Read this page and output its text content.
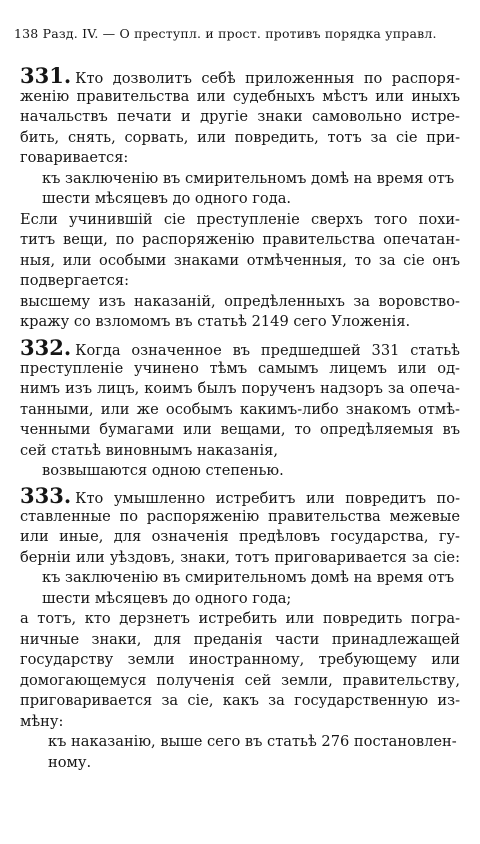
138 Разд. IV. — О преступл. и прост. противъ порядка управл.
331. Кто дозволитъ себѣ приложенныя по распоря-
женію правительства или судебныхъ мѣстъ или иныхъ
начальствъ печати и другіе знаки самовольно истре-
бить, снять, сорвать, или повредить, тотъ за сіе при-
говаривается:
къ заключенію въ смирительномъ домѣ на время отъ
шести мѣсяцевъ до одного года.
Если учинившій сіе преступленіе сверхъ того похи-
титъ вещи, по распоряженію правительства опечатан-
ныя, или особыми знаками отмѣченныя, то за сіе онъ
подвергается:
высшему изъ наказаній, опредѣленныхъ за воровство-
кражу со взломомъ въ статьѣ 2149 сего Уложенія.
332. Когда означенное въ предшедшей 331 статьѣ
преступленіе учинено тѣмъ самымъ лицемъ или од-
нимъ изъ лицъ, коимъ былъ порученъ надзоръ за опеча-
танными, или же особымъ какимъ-либо знакомъ отмѣ-
ченными бумагами или вещами, то опредѣляемыя въ
сей статьѣ виновнымъ наказанія,
возвышаются одною степенью.
333. Кто умышленно истребитъ или повредитъ по-
ставленные по распоряженію правительства межевые
или иные, для означенія предѣловъ государства, гу-
берніи или уѣздовъ, знаки, тотъ приговаривается за сіе:
къ заключенію въ смирительномъ домѣ на время отъ
шести мѣсяцевъ до одного года;
а тотъ, кто дерзнетъ истребить или повредить погра-
ничные знаки, для преданія части принадлежащей
государству земли иностранному, требующему или
домогающемуся полученія сей земли, правительству,
приговаривается за сіе, какъ за государственную из-
мѣну:
къ наказанію, выше сего въ статьѣ 276 постановлен-
ному.
